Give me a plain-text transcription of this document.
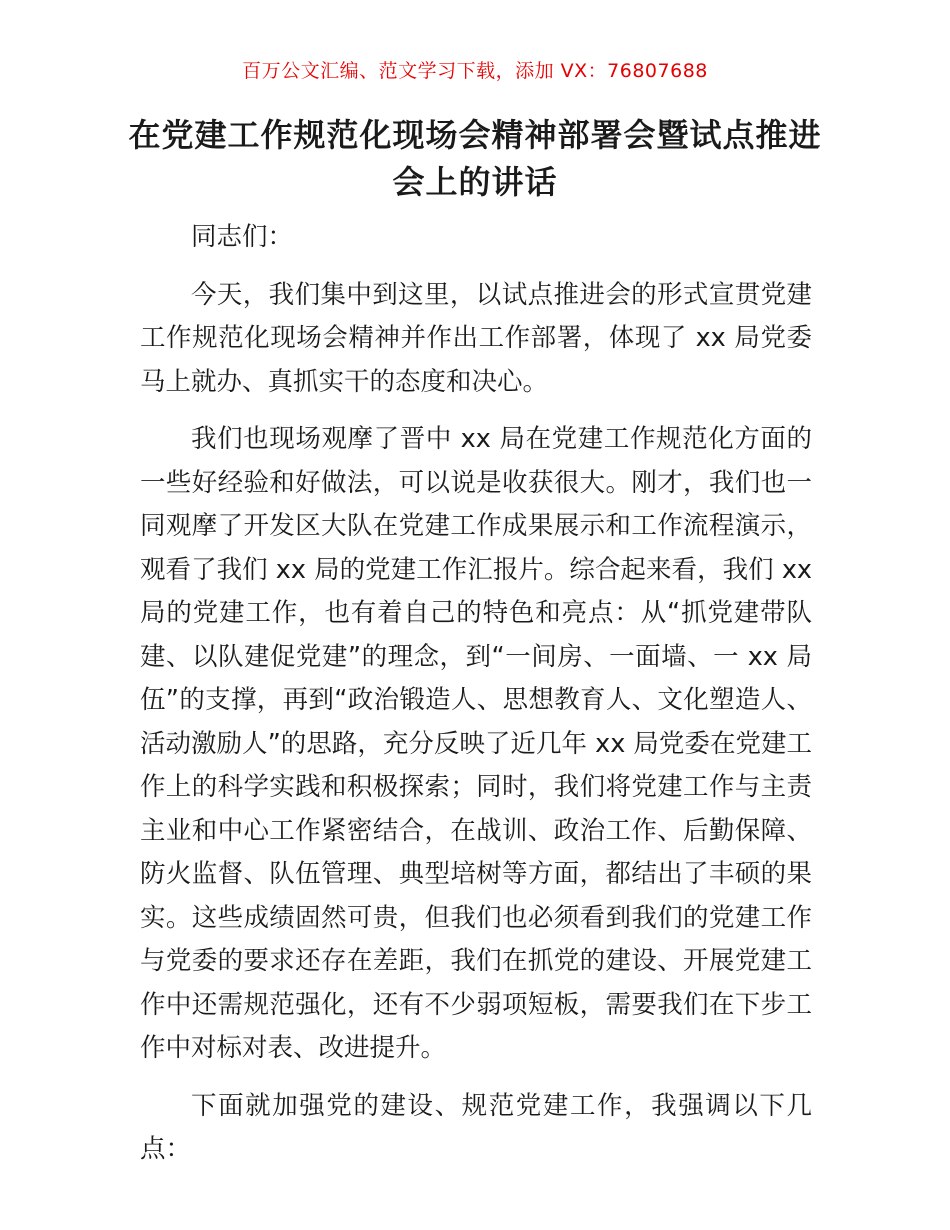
百万公文汇编、范文学习下载，添加 VX：76807688
在党建工作规范化现场会精神部署会暨试点推进会上的讲话

同志们：

今天，我们集中到这里，以试点推进会的形式宣贯党建工作规范化现场会精神并作出工作部署，体现了 xx 局党委马上就办、真抓实干的态度和决心。

我们也现场观摩了晋中 xx 局在党建工作规范化方面的一些好经验和好做法，可以说是收获很大。刚才，我们也一同观摩了开发区大队在党建工作成果展示和工作流程演示，观看了我们 xx 局的党建工作汇报片。综合起来看，我们 xx 局的党建工作，也有着自己的特色和亮点：从“抓党建带队建、以队建促党建”的理念，到“一间房、一面墙、一 xx 局伍”的支撑，再到“政治锻造人、思想教育人、文化塑造人、活动激励人”的思路，充分反映了近几年 xx 局党委在党建工作上的科学实践和积极探索；同时，我们将党建工作与主责主业和中心工作紧密结合，在战训、政治工作、后勤保障、防火监督、队伍管理、典型培树等方面，都结出了丰硕的果实。这些成绩固然可贵，但我们也必须看到我们的党建工作与党委的要求还存在差距，我们在抓党的建设、开展党建工作中还需规范强化，还有不少弱项短板，需要我们在下步工作中对标对表、改进提升。

下面就加强党的建设、规范党建工作，我强调以下几点：
